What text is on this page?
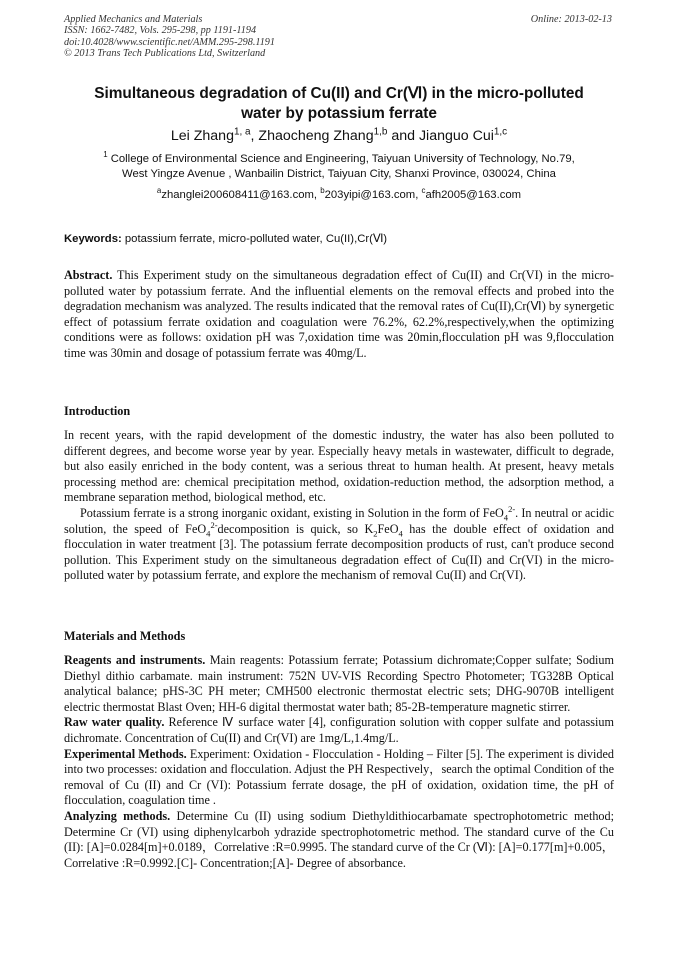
Applied Mechanics and Materials
ISSN: 1662-7482, Vols. 295-298, pp 1191-1194
doi:10.4028/www.scientific.net/AMM.295-298.1191
© 2013 Trans Tech Publications Ltd, Switzerland
Online: 2013-02-13
Simultaneous degradation of Cu(II) and Cr(Ⅵ) in the micro-polluted
water by potassium ferrate
Lei Zhang$^{1, a}$, Zhaocheng Zhang$^{1,b}$ and Jianguo Cui$^{1,c}$
$^1$ College of Environmental Science and Engineering, Taiyuan University of Technology, No.79,
West Yingze Avenue , Wanbailin District, Taiyuan City, Shanxi Province, 030024, China
$^a$zhanglei200608411@163.com, $^b$203yipi@163.com, $^c$afh2005@163.com
Keywords: potassium ferrate, micro-polluted water, Cu(II),Cr(Ⅵ)

Abstract. This Experiment study on the simultaneous degradation effect of Cu(II) and Cr(VI) in the micro-polluted water by potassium ferrate. And the influential elements on the removal effects and probed into the degradation mechanism was analyzed. The results indicated that the removal rates of Cu(II),Cr(Ⅵ) by synergetic effect of potassium ferrate oxidation and coagulation were 76.2%, 62.2%,respectively,when the optimizing conditions were as follows: oxidation pH was 7,oxidation time was 20min,flocculation pH was 9,flocculation time was 30min and dosage of potassium ferrate was 40mg/L.

Introduction

In recent years, with the rapid development of the domestic industry, the water has also been polluted to different degrees, and become worse year by year. Especially heavy metals in wastewater, difficult to degrade, but also easily enriched in the body content, was a serious threat to human health. At present, heavy metals processing method are: chemical precipitation method, oxidation-reduction method, the adsorption method, a membrane separation method, biological method, etc.

Potassium ferrate is a strong inorganic oxidant, existing in Solution in the form of FeO$_4^{2-}$. In neutral or acidic solution, the speed of FeO$_4^{2-}$decomposition is quick, so $K_2FeO_4$ has the double effect of oxidation and flocculation in water treatment [3]. The potassium ferrate decomposition products of rust, can't produce second pollution. This Experiment study on the simultaneous degradation effect of Cu(II) and Cr(VI) in the micro-polluted water by potassium ferrate, and explore the mechanism of removal Cu(II) and Cr(VI).

Materials and Methods

Reagents and instruments. Main reagents: Potassium ferrate; Potassium dichromate;Copper sulfate; Sodium Diethyl dithio carbamate. main instrument: 752N UV-VIS Recording Spectro Photometer; TG328B Optical analytical balance; pHS-3C PH meter; CMH500 electronic thermostat electric sets; DHG-9070B intelligent electric thermostat Blast Oven; HH-6 digital thermostat water bath; 85-2B-temperature magnetic stirrer.

Raw water quality. Reference Ⅳ surface water [4], configuration solution with copper sulfate and potassium dichromate. Concentration of Cu(II) and Cr(VI) are 1mg/L,1.4mg/L.

Experimental Methods. Experiment: Oxidation - Flocculation - Holding – Filter [5]. The experiment is divided into two processes: oxidation and flocculation. Adjust the PH Respectively，search the optimal Condition of the removal of Cu (II) and Cr (VI): Potassium ferrate dosage, the pH of oxidation, oxidation time, the pH of flocculation, coagulation time .

Analyzing methods. Determine Cu (II) using sodium Diethyldithiocarbamate spectrophotometric method; Determine Cr (VI) using diphenylcarboh ydrazide spectrophotometric method. The standard curve of the Cu (II): [A]=0.0284[m]+0.0189，Correlative :R=0.9995. The standard curve of the Cr (Ⅵ): [A]=0.177[m]+0.005，Correlative :R=0.9992.[C]- Concentration;[A]- Degree of absorbance.
